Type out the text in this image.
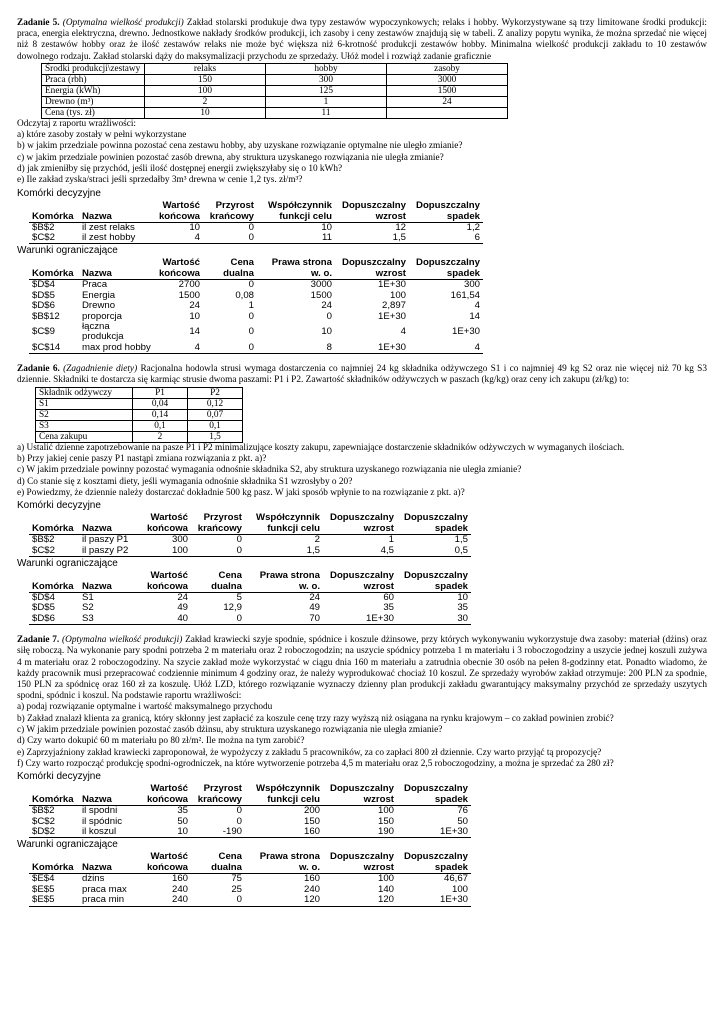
Zadanie 5. (Optymalna wielkość produkcji) Zakład stolarski produkuje dwa typy zestawów wypoczynkowych; relaks i hobby. Wykorzystywane są trzy limitowane środki produkcji: praca, energia elektryczna, drewno. Jednostkowe nakłady środków produkcji, ich zasoby i ceny zestawów znajdują się w tabeli. Z analizy popytu wynika, że można sprzedać nie więcej niż 8 zestawów hobby oraz że ilość zestawów relaks nie może być większa niż 6-krotność produkcji zestawów hobby. Minimalna wielkość produkcji zakładu to 10 zestawów dowolnego rodzaju. Zakład stolarski dąży do maksymalizacji przychodu ze sprzedaży. Ułóż model i rozwiąż zadanie graficznie
Środki produkcji\zestawy	relaks	hobby	zasoby
Praca (rbh)	150	300	3000
Energia (kWh)	100	125	1500
Drewno (m³)	2	1	24
Cena (tys. zł)	10	11	
Odczytaj z raportu wrażliwości:
a) które zasoby zostały w pełni wykorzystane
b) w jakim przedziale powinna pozostać cena zestawu hobby, aby uzyskane rozwiązanie optymalne nie uległo zmianie?
c) w jakim przedziale powinien pozostać zasób drewna, aby struktura uzyskanego rozwiązania nie uległa zmianie?
d) jak zmieniłby się przychód, jeśli ilość dostępnej energii zwiększyłaby się o 10 kWh?
e) Ile zakład zyska/straci jeśli sprzedałby 3m³ drewna w cenie 1,2 tys. zł/m³?
Komórki decyzyjne
Komórka	Nazwa	Wartość końcowa	Przyrost krańcowy	Współczynnik funkcji celu	Dopuszczalny wzrost	Dopuszczalny spadek
$B$2	il zest relaks	10	0	10	12	1,2
$C$2	il zest hobby	4	0	11	1,5	6
Warunki ograniczające
Komórka	Nazwa	Wartość końcowa	Cena dualna	Prawa strona w. o.	Dopuszczalny wzrost	Dopuszczalny spadek
$D$4	Praca	2700	0	3000	1E+30	300
$D$5	Energia	1500	0,08	1500	100	161,54
$D$6	Drewno	24	1	24	2,897	4
$B$12	proporcja	10	0	0	1E+30	14
$C$9	łączna produkcja	14	0	10	4	1E+30
$C$14	max prod hobby	4	0	8	1E+30	4
Zadanie 6. (Zagadnienie diety) Racjonalna hodowla strusi wymaga dostarczenia co najmniej 24 kg składnika odżywczego S1 i co najmniej 49 kg S2 oraz nie więcej niż 70 kg S3 dziennie. Składniki te dostarcza się karmiąc strusie dwoma paszami: P1 i P2. Zawartość składników odżywczych w paszach (kg/kg) oraz ceny ich zakupu (zł/kg) to:
Składnik odżywczy	P1	P2
S1	0,04	0,12
S2	0,14	0,07
S3	0,1	0,1
Cena zakupu	2	1,5
a) Ustalić dzienne zapotrzebowanie na pasze P1 i P2 minimalizujące koszty zakupu, zapewniające dostarczenie składników odżywczych w wymaganych ilościach.
b) Przy jakiej cenie paszy P1 nastąpi zmiana rozwiązania z pkt. a)?
c) W jakim przedziale powinny pozostać wymagania odnośnie składnika S2, aby struktura uzyskanego rozwiązania nie uległa zmianie?
d) Co stanie się z kosztami diety, jeśli wymagania odnośnie składnika S1 wzrosłyby o 20?
e) Powiedzmy, że dziennie należy dostarczać dokładnie 500 kg pasz. W jaki sposób wpłynie to na rozwiązanie z pkt. a)?
Komórki decyzyjne
Komórka	Nazwa	Wartość końcowa	Przyrost krańcowy	Współczynnik funkcji celu	Dopuszczalny wzrost	Dopuszczalny spadek
$B$2	il paszy P1	300	0	2	1	1,5
$C$2	il paszy P2	100	0	1,5	4,5	0,5
Warunki ograniczające
Komórka	Nazwa	Wartość końcowa	Cena dualna	Prawa strona w. o.	Dopuszczalny wzrost	Dopuszczalny spadek
$D$4	S1	24	5	24	60	10
$D$5	S2	49	12,9	49	35	35
$D$6	S3	40	0	70	1E+30	30
Zadanie 7. (Optymalna wielkość produkcji) Zakład krawiecki szyje spodnie, spódnice i koszule dżinsowe, przy których wykonywaniu wykorzystuje dwa zasoby: materiał (dżins) oraz siłę roboczą. Na wykonanie pary spodni potrzeba 2 m materiału oraz 2 roboczogodzin; na uszycie spódnicy potrzeba 1 m materiału i 3 roboczogodziny a uszycie jednej koszuli zużywa 4 m materiału oraz 2 roboczogodziny. Na szycie zakład może wykorzystać w ciągu dnia 160 m materiału a zatrudnia obecnie 30 osób na pełen 8-godzinny etat. Ponadto wiadomo, że każdy pracownik musi przepracować codziennie minimum 4 godziny oraz, że należy wyprodukować chociaż 10 koszul. Ze sprzedaży wyrobów zakład otrzymuje: 200 PLN za spodnie, 150 PLN za spódnicę oraz 160 zł za koszulę. Ułóż LZD, którego rozwiązanie wyznaczy dzienny plan produkcji zakładu gwarantujący maksymalny przychód ze sprzedaży uszytych spodni, spódnic i koszul. Na podstawie raportu wrażliwości:
a) podaj rozwiązanie optymalne i wartość maksymalnego przychodu
b) Zakład znalazł klienta za granicą, który skłonny jest zapłacić za koszule cenę trzy razy wyższą niż osiągana na rynku krajowym – co zakład powinien zrobić?
c) W jakim przedziale powinien pozostać zasób dżinsu, aby struktura uzyskanego rozwiązania nie uległa zmianie?
d) Czy warto dokupić 60 m materiału po 80 zł/m². Ile można na tym zarobić?
e) Zaprzyjaźniony zakład krawiecki zaproponował, że wypożyczy z zakładu 5 pracowników, za co zapłaci 800 zł dziennie. Czy warto przyjąć tą propozycję?
f) Czy warto rozpocząć produkcję spodni-ogrodniczek, na które wytworzenie potrzeba 4,5 m materiału oraz 2,5 roboczogodziny, a można je sprzedać za 280 zł?
Komórki decyzyjne
Komórka	Nazwa	Wartość końcowa	Przyrost krańcowy	Współczynnik funkcji celu	Dopuszczalny wzrost	Dopuszczalny spadek
$B$2	il spodni	35	0	200	100	76
$C$2	il spódnic	50	0	150	150	50
$D$2	il koszul	10	-190	160	190	1E+30
Warunki ograniczające
Komórka	Nazwa	Wartość końcowa	Cena dualna	Prawa strona w. o.	Dopuszczalny wzrost	Dopuszczalny spadek
$E$4	dżins	160	75	160	100	46,67
$E$5	praca max	240	25	240	140	100
$E$5	praca min	240	0	120	120	1E+30
